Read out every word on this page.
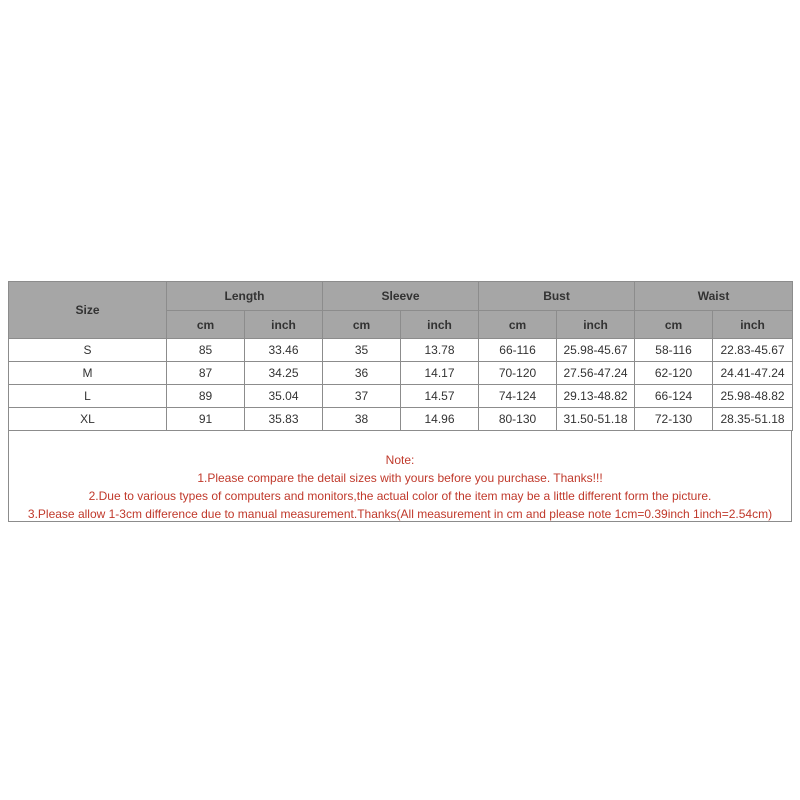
Size	Length		Sleeve		Bust		Waist	
	cm	inch	cm	inch	cm	inch	cm	inch
S	85	33.46	35	13.78	66-116	25.98-45.67	58-116	22.83-45.67
M	87	34.25	36	14.17	70-120	27.56-47.24	62-120	24.41-47.24
L	89	35.04	37	14.57	74-124	29.13-48.82	66-124	25.98-48.82
XL	91	35.83	38	14.96	80-130	31.50-51.18	72-130	28.35-51.18
Note:
1.Please compare the detail sizes with yours before you purchase. Thanks!!!
2.Due to various types of computers and monitors,the actual color of the item may be a little different form the picture.
3.Please allow 1-3cm difference due to manual measurement.Thanks(All measurement in cm and please note 1cm=0.39inch 1inch=2.54cm)
